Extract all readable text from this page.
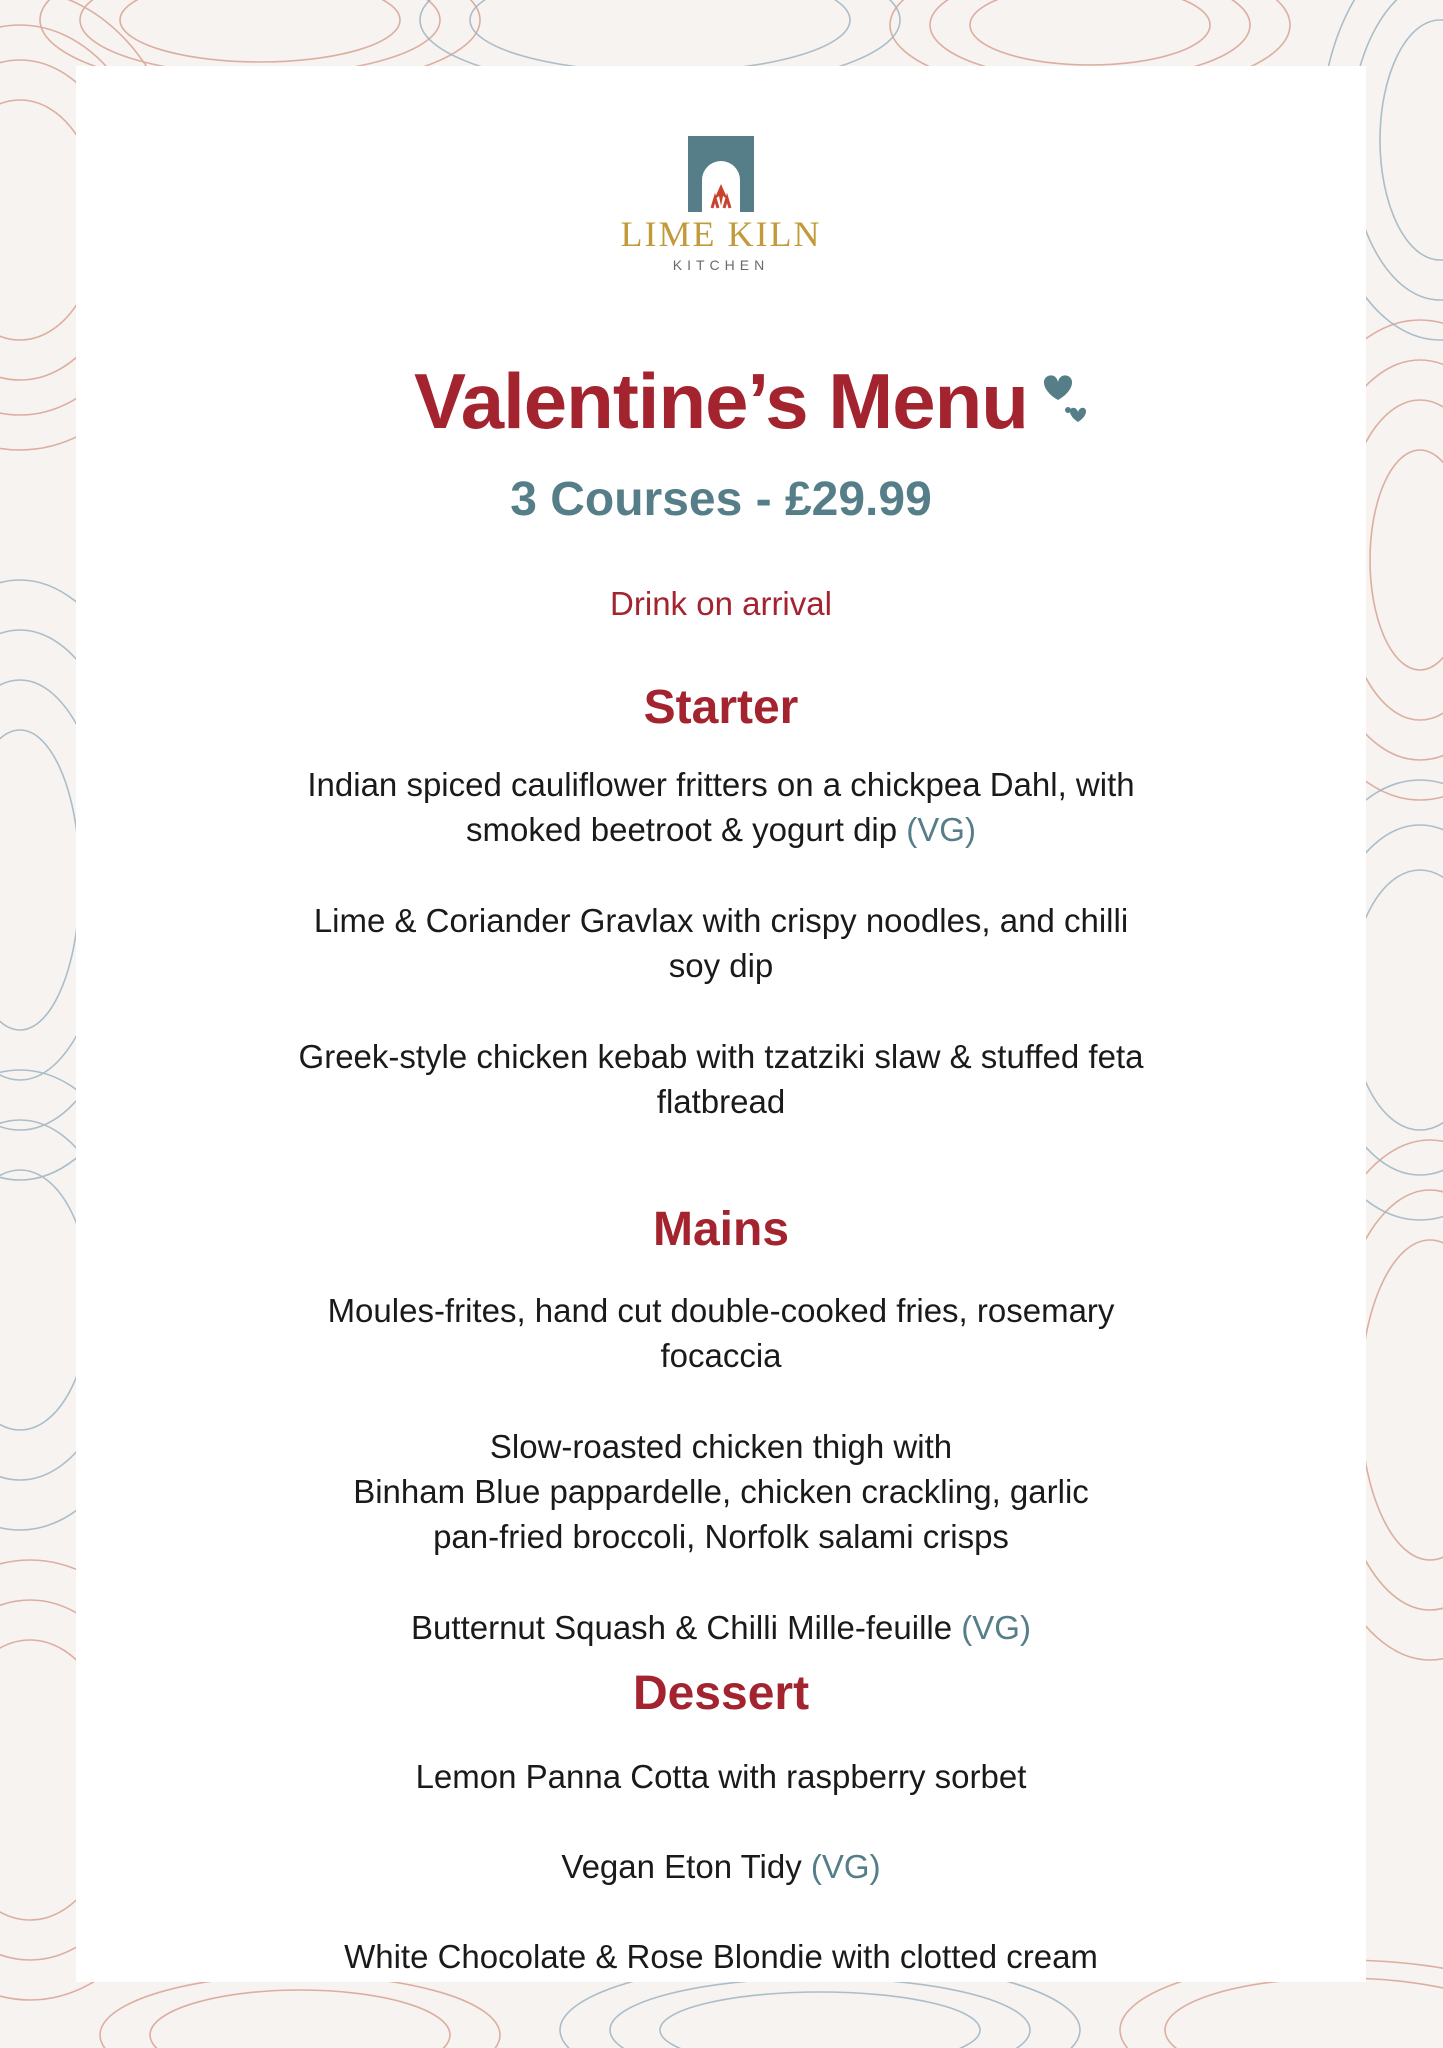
LIME KILN
KITCHEN
Valentine’s Menu
3 Courses - £29.99
Drink on arrival
Starter
Indian spiced cauliflower fritters on a chickpea Dahl, with
smoked beetroot & yogurt dip (VG)
Lime & Coriander Gravlax with crispy noodles, and chilli
soy dip
Greek-style chicken kebab with tzatziki slaw & stuffed feta
flatbread
Mains
Moules-frites, hand cut double-cooked fries, rosemary
focaccia
Slow-roasted chicken thigh with
Binham Blue pappardelle, chicken crackling, garlic
pan-fried broccoli, Norfolk salami crisps
Butternut Squash & Chilli Mille-feuille (VG)
Dessert
Lemon Panna Cotta with raspberry sorbet
Vegan Eton Tidy (VG)
White Chocolate & Rose Blondie with clotted cream
